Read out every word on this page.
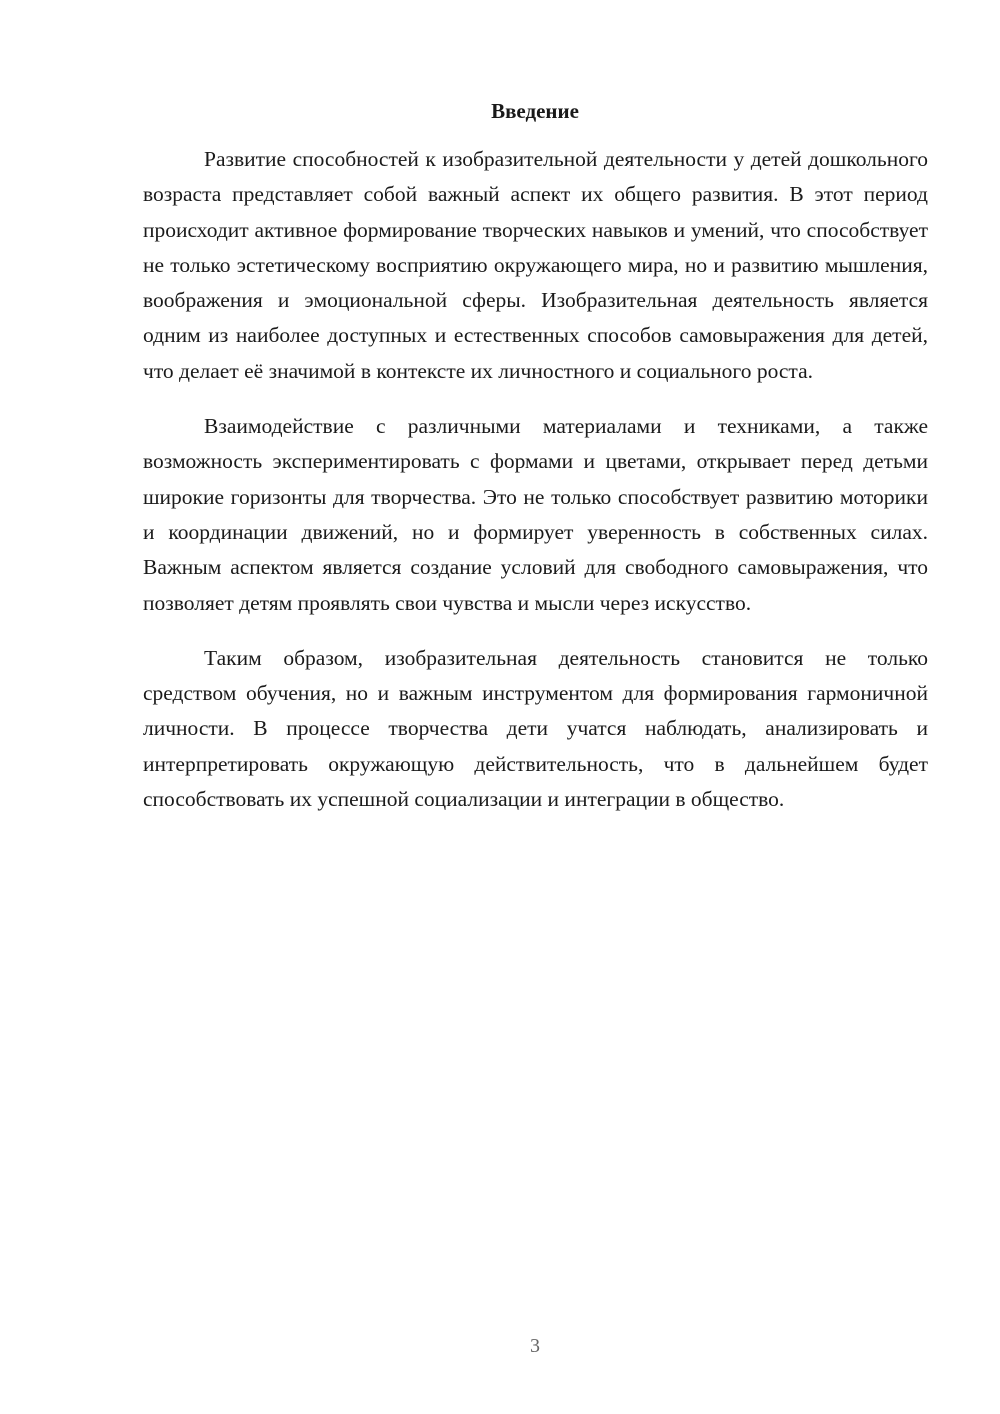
Введение

Развитие способностей к изобразительной деятельности у детей дошкольного возраста представляет собой важный аспект их общего развития. В этот период происходит активное формирование творческих навыков и умений, что способствует не только эстетическому восприятию окружающего мира, но и развитию мышления, воображения и эмоциональной сферы. Изобразительная деятельность является одним из наиболее доступных и естественных способов самовыражения для детей, что делает её значимой в контексте их личностного и социального роста.

Взаимодействие с различными материалами и техниками, а также возможность экспериментировать с формами и цветами, открывает перед детьми широкие горизонты для творчества. Это не только способствует развитию моторики и координации движений, но и формирует уверенность в собственных силах. Важным аспектом является создание условий для свободного самовыражения, что позволяет детям проявлять свои чувства и мысли через искусство.

Таким образом, изобразительная деятельность становится не только средством обучения, но и важным инструментом для формирования гармоничной личности. В процессе творчества дети учатся наблюдать, анализировать и интерпретировать окружающую действительность, что в дальнейшем будет способствовать их успешной социализации и интеграции в общество.

3
